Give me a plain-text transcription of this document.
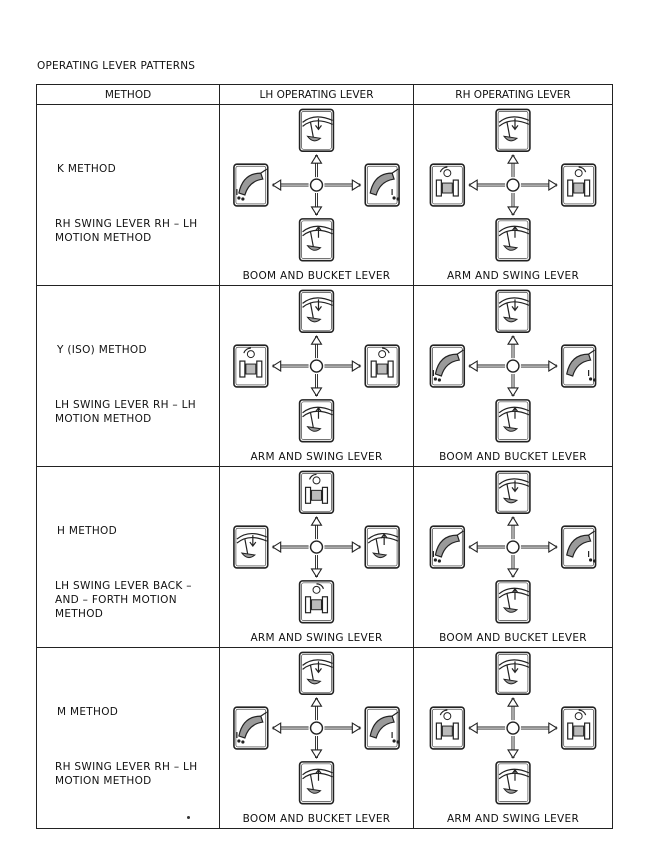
OPERATING LEVER PATTERNS
METHOD	LH OPERATING LEVER	RH OPERATING LEVER

K METHOD
RH SWING LEVER RH – LH
MOTION METHOD	BOOM AND BUCKET LEVER	ARM AND SWING LEVER

Y (ISO) METHOD
LH SWING LEVER RH – LH
MOTION METHOD	ARM AND SWING LEVER	BOOM AND BUCKET LEVER

H METHOD
LH SWING LEVER BACK –
AND – FORTH MOTION
METHOD	ARM AND SWING LEVER	BOOM AND BUCKET LEVER

M METHOD
RH SWING LEVER RH – LH
MOTION METHOD	BOOM AND BUCKET LEVER	ARM AND SWING LEVER
